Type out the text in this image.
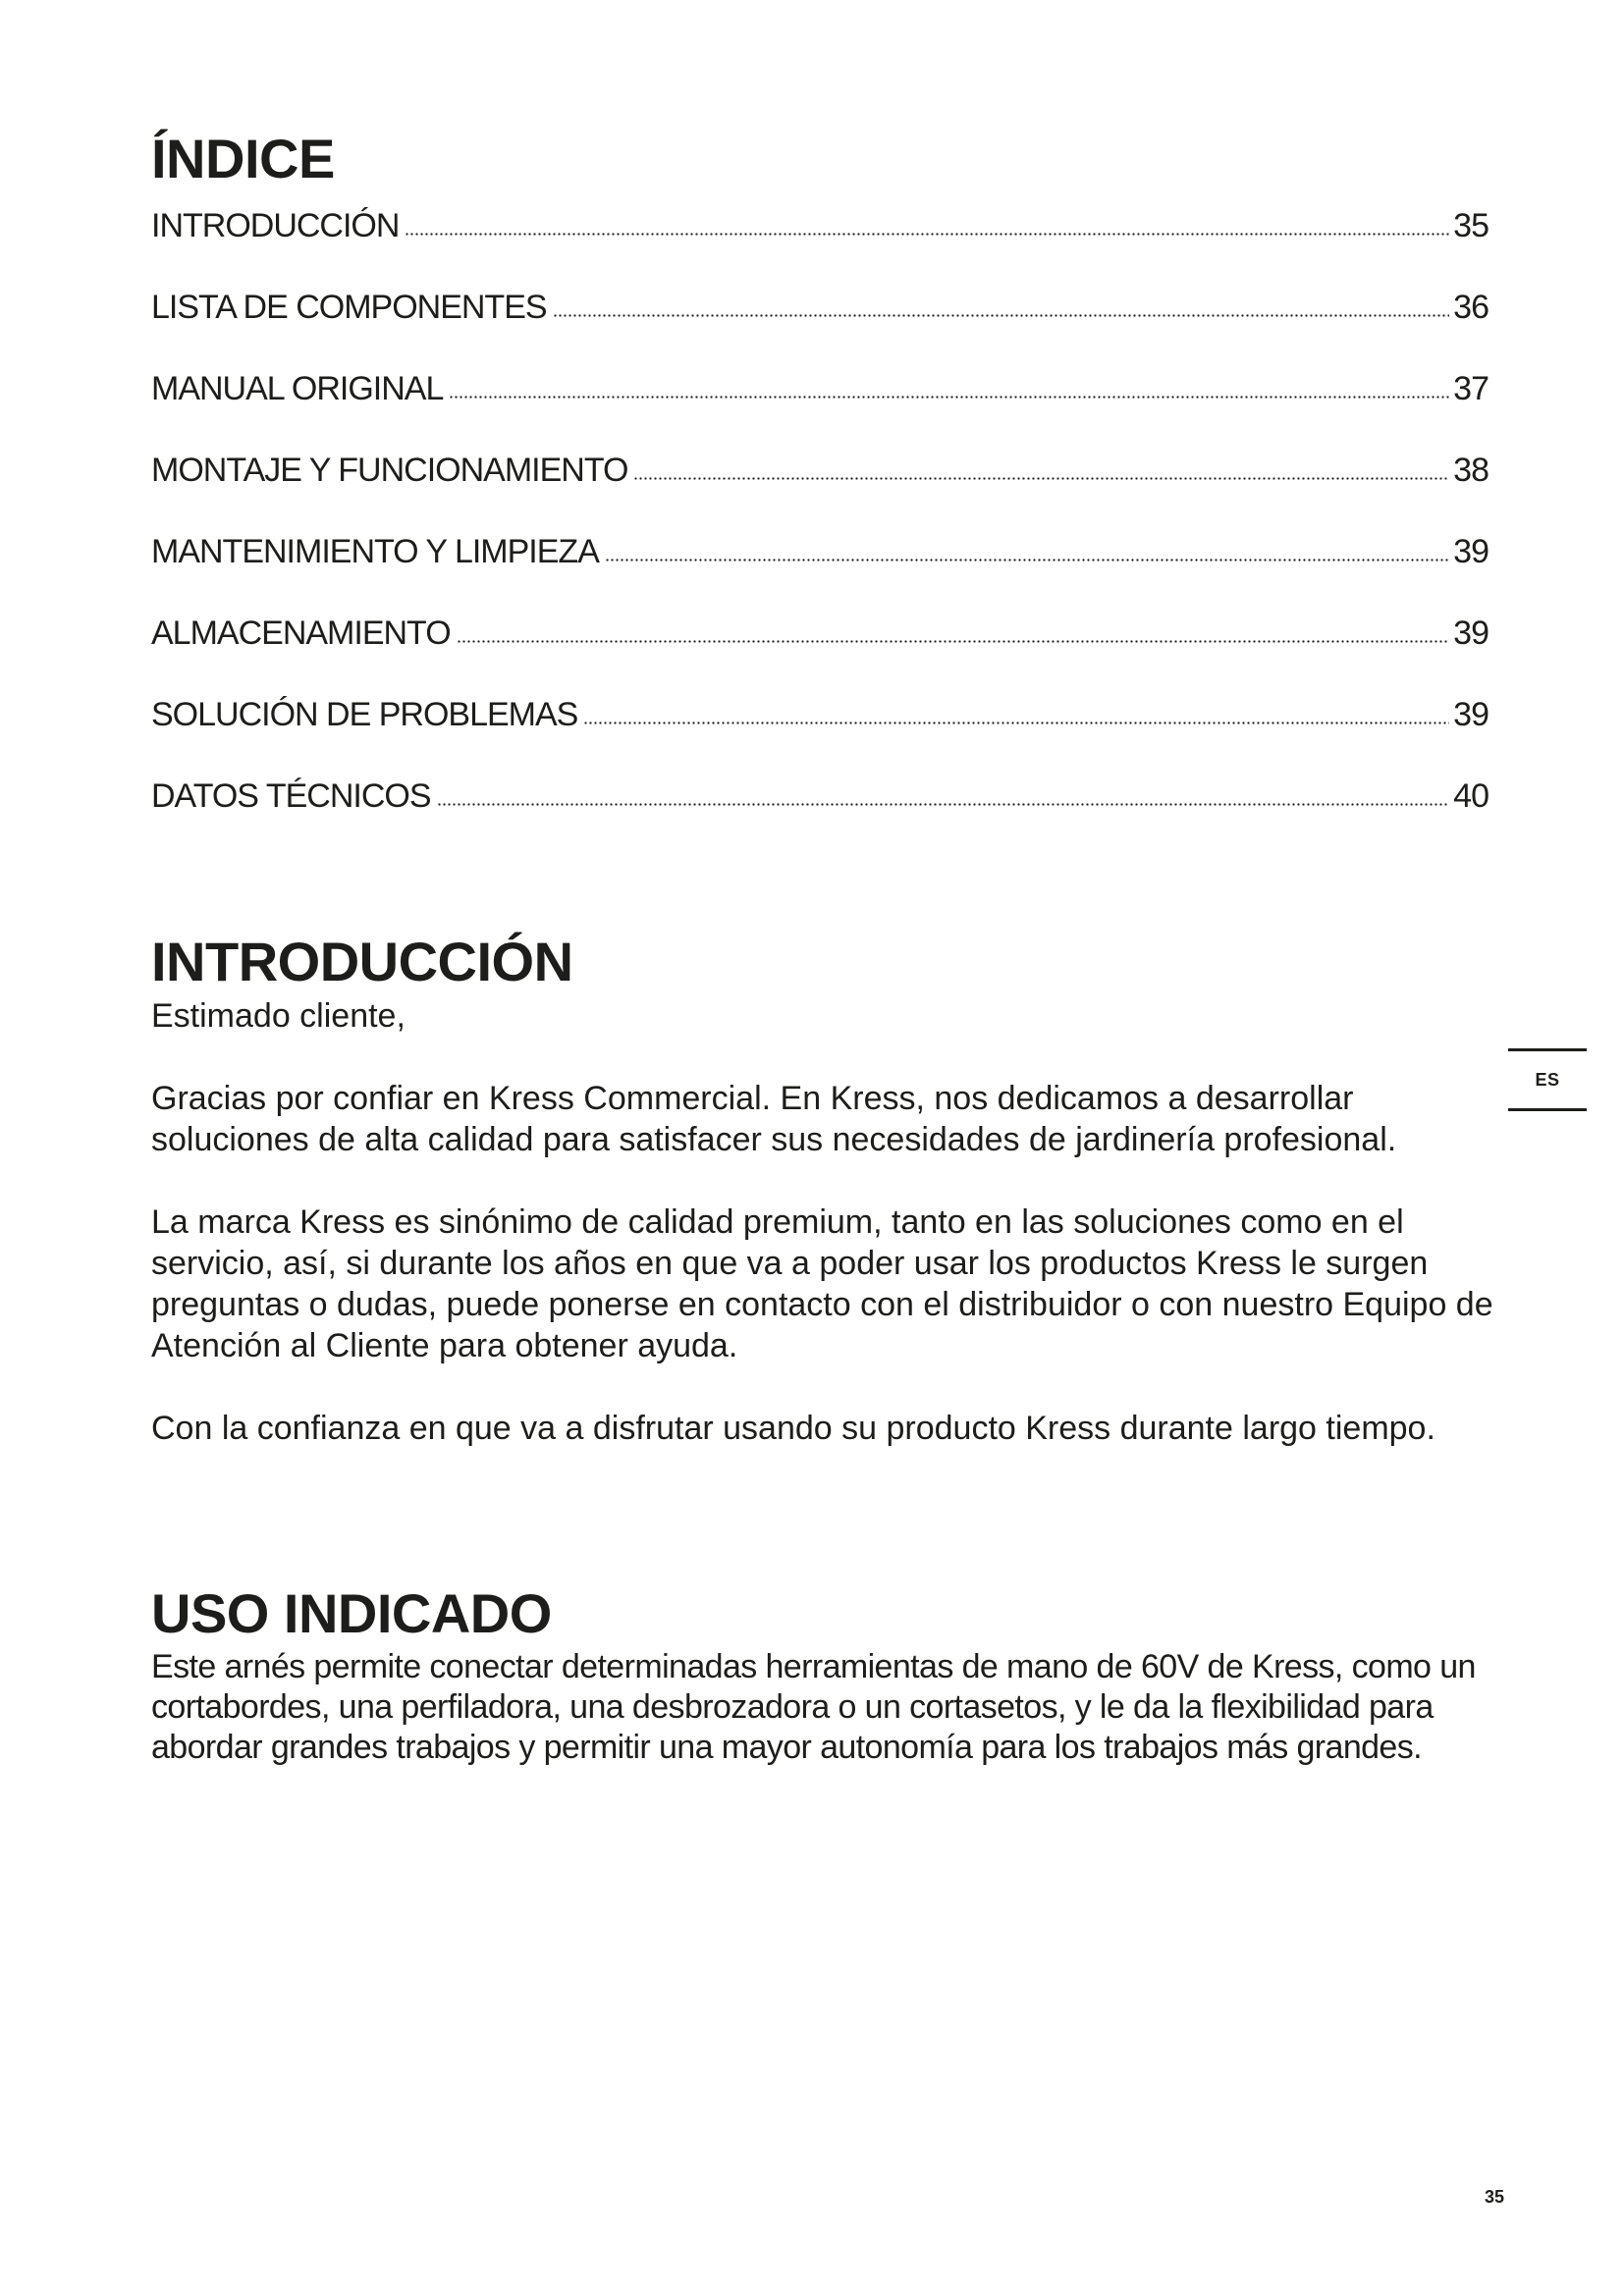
ÍNDICE
INTRODUCCIÓN	35
LISTA DE COMPONENTES	36
MANUAL ORIGINAL	37
MONTAJE Y FUNCIONAMIENTO	38
MANTENIMIENTO Y LIMPIEZA	39
ALMACENAMIENTO	39
SOLUCIÓN DE PROBLEMAS	39
DATOS TÉCNICOS	40
INTRODUCCIÓN

Estimado cliente,

Gracias por confiar en Kress Commercial. En Kress, nos dedicamos a desarrollar soluciones de alta calidad para satisfacer sus necesidades de jardinería profesional.

La marca Kress es sinónimo de calidad premium, tanto en las soluciones como en el servicio, así, si durante los años en que va a poder usar los productos Kress le surgen preguntas o dudas, puede ponerse en contacto con el distribuidor o con nuestro Equipo de Atención al Cliente para obtener ayuda.

Con la confianza en que va a disfrutar usando su producto Kress durante largo tiempo.

USO INDICADO

Este arnés permite conectar determinadas herramientas de mano de 60V de Kress, como un cortabordes, una perfiladora, una desbrozadora o un cortasetos, y le da la flexibilidad para abordar grandes trabajos y permitir una mayor autonomía para los trabajos más grandes.

ES
35
